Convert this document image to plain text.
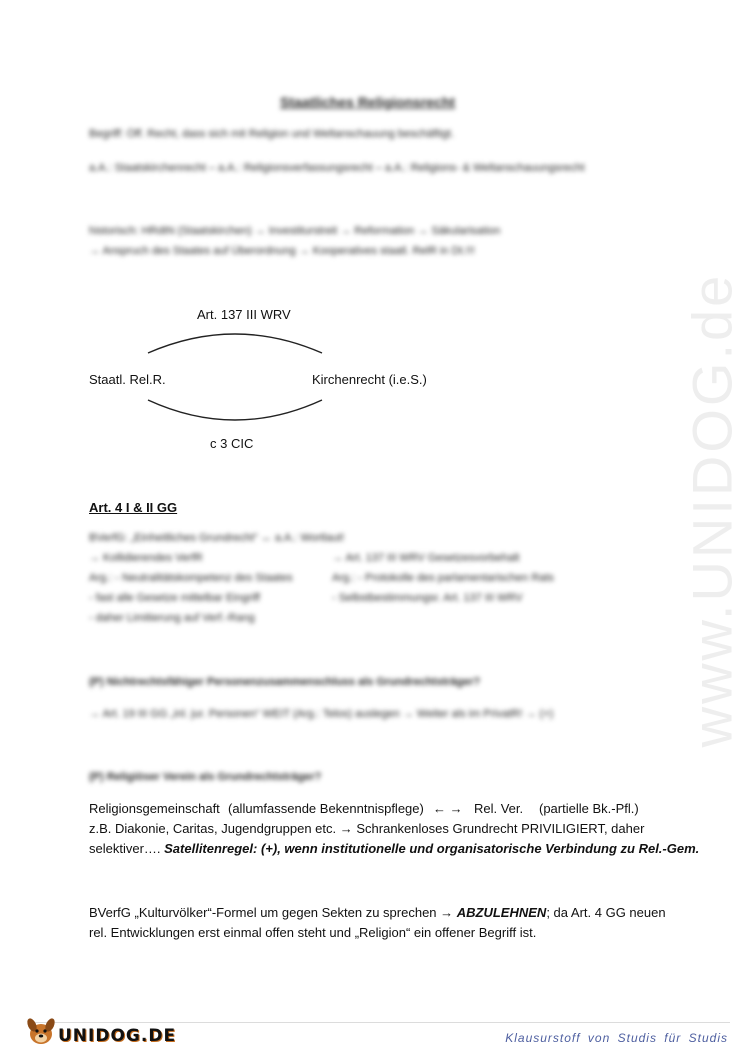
www.UNIDOG.de
Staatliches Religionsrecht
Begriff: Öff. Recht, dass sich mit Religion und Weltanschauung beschäftigt.
a.A.: Staatskirchenrecht – a.A.: Religionsverfassungsrecht – a.A.: Religions- & Weltanschauungsrecht
historisch: HRdtN (Staatskirchen) → Investiturstreit → Reformation → Säkularisation
→ Anspruch des Staates auf Überordnung → Kooperatives staatl. RelR in Dt.!!!
Art. 137 III WRV
Staatl. Rel.R.	Kirchenrecht (i.e.S.)
c 3 CIC
Art. 4 I & II GG
BVerfG: „Einheitliches Grundrecht“ ↔ a.A.: Wortlaut!
→ Kollidierendes VerfR	→ Art. 137 III WRV Gesetzesvorbehalt
Arg.: - Neutralitätskompetenz des Staates	Arg.: - Protokolle des parlamentarischen Rats
- fast alle Gesetze mittelbar Eingriff	- Selbstbestimmungsr. Art. 137 III WRV
- daher Limitierung auf Verf.-Rang
(P) Nichtrechtsfähiger Personenzusammenschluss als Grundrechtsträger?
→ Art. 19 III GG „inl. jur. Personen“ WEIT (Arg.: Telos) auslegen → Weiter als im PrivatR! → (+)
(P) Religiöser Verein als Grundrechtsträger?
Religionsgemeinschaft (allumfassende Bekenntnispflege) ← → Rel. Ver. (partielle Bk.-Pfl.)
z.B. Diakonie, Caritas, Jugendgruppen etc. → Schrankenloses Grundrecht PRIVILIGIERT, daher
selektiver…. Satellitenregel: (+), wenn institutionelle und organisatorische Verbindung zu Rel.-Gem.
BVerfG „Kulturvölker“-Formel um gegen Sekten zu sprechen → ABZULEHNEN; da Art. 4 GG neuen
rel. Entwicklungen erst einmal offen steht und „Religion“ ein offener Begriff ist.
UNIDOG.DE	Klausurstoff von Studis für Studis
